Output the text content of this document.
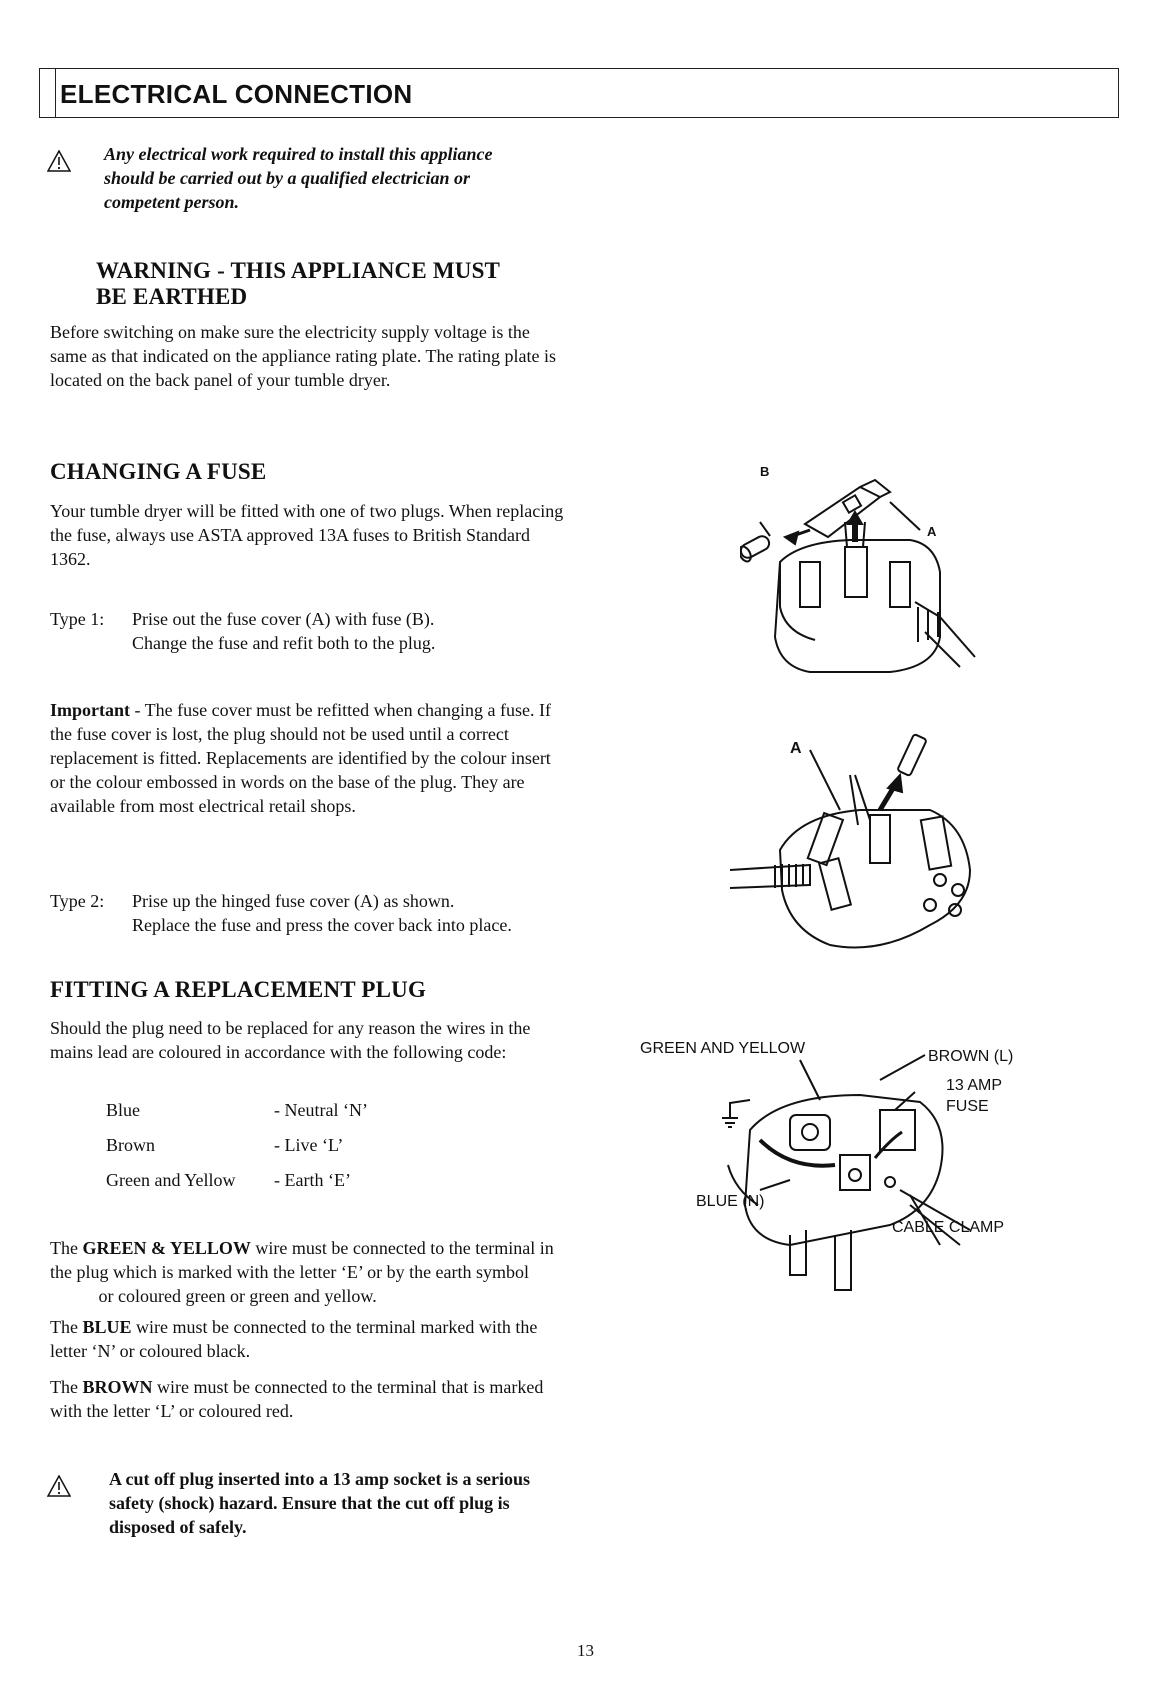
ELECTRICAL CONNECTION
Any electrical work required to install this appliance should be carried out by a qualified electrician or competent person.
WARNING - THIS APPLIANCE MUST
BE EARTHED
Before switching on make sure the electricity supply voltage is the same as that indicated on the appliance rating plate. The rating plate is located on the back panel of your tumble dryer.
CHANGING A FUSE
Your tumble dryer will be fitted with one of two plugs. When replacing the fuse, always use ASTA approved 13A fuses to British Standard 1362.
Type 1: Prise out the fuse cover (A) with fuse (B).
Change the fuse and refit both to the plug.
Important - The fuse cover must be refitted when changing a fuse. If the fuse cover is lost, the plug should not be used until a correct replacement is fitted. Replacements are identified by the colour insert or the colour embossed in words on the base of the plug. They are available from most electrical retail shops.
Type 2: Prise up the hinged fuse cover (A) as shown.
Replace the fuse and press the cover back into place.
FITTING A REPLACEMENT PLUG
Should the plug need to be replaced for any reason the wires in the mains lead are coloured in accordance with the following code:
Blue	- Neutral ‘N’
Brown	- Live ‘L’
Green and Yellow - Earth ‘E’
The GREEN & YELLOW wire must be connected to the terminal in the plug which is marked with the letter ‘E’ or by the earth symbol or coloured green or green and yellow.
The BLUE wire must be connected to the terminal marked with the letter ‘N’ or coloured black.
The BROWN wire must be connected to the terminal that is marked with the letter ‘L’ or coloured red.
A cut off plug inserted into a 13 amp socket is a serious safety (shock) hazard. Ensure that the cut off plug is disposed of safely.
B
A
A
GREEN AND YELLOW	BROWN (L)
13 AMP
FUSE
BLUE (N)
CABLE CLAMP
13
